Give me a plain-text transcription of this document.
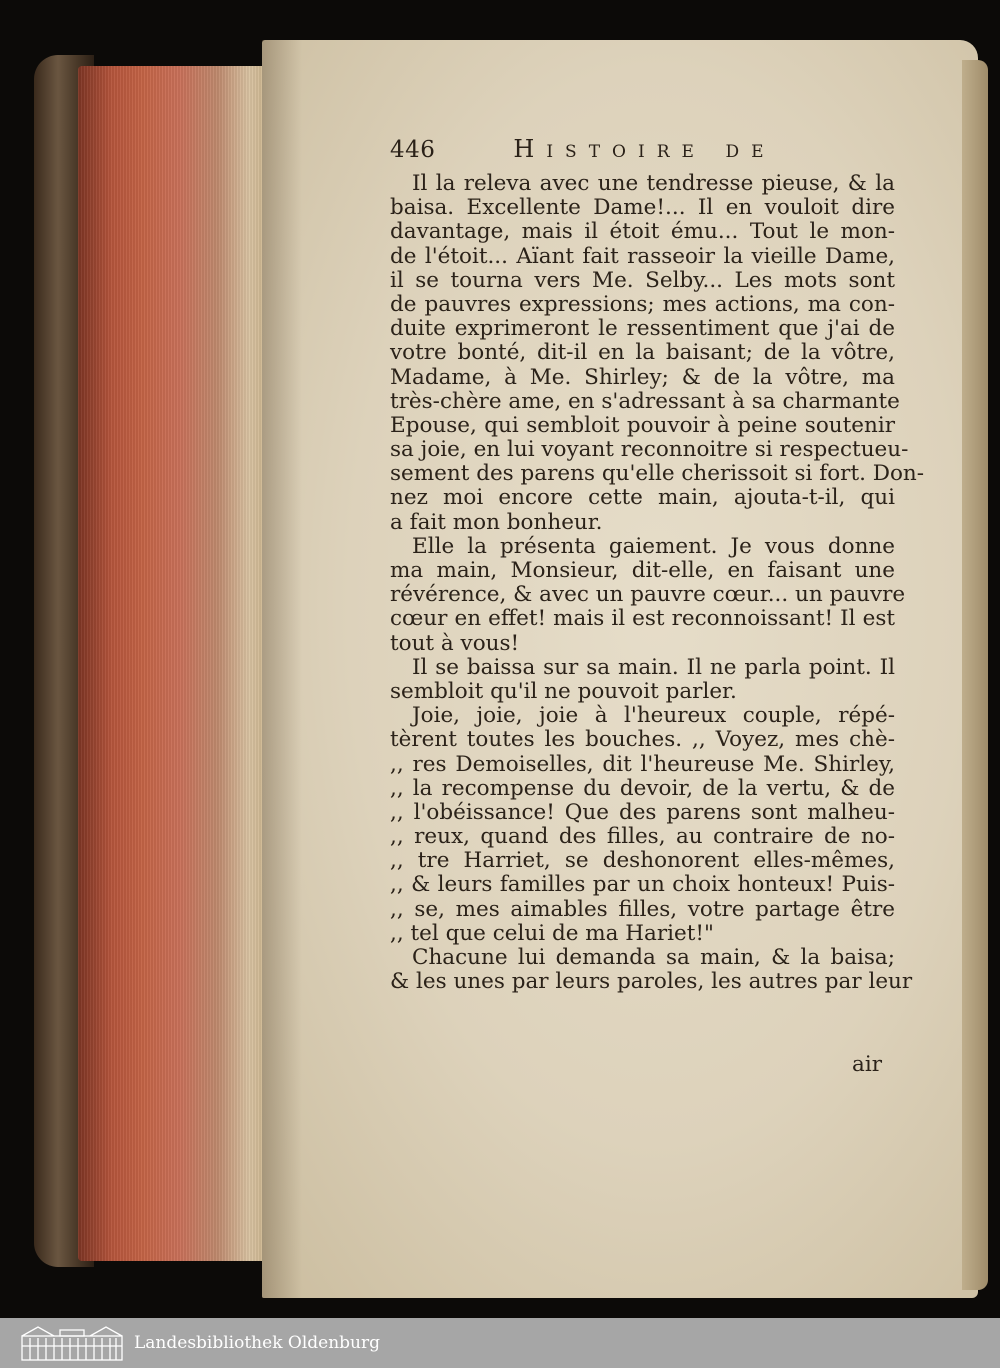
446	Histoire de
Il la releva avec une tendresse pieuse, & la
baisa. Excellente Dame!... Il en vouloit dire
davantage, mais il étoit ému... Tout le mon-
de l'étoit... Aïant fait rasseoir la vieille Dame,
il se tourna vers Me. Selby... Les mots sont
de pauvres expressions; mes actions, ma con-
duite exprimeront le ressentiment que j'ai de
votre bonté, dit-il en la baisant; de la vôtre,
Madame, à Me. Shirley; & de la vôtre, ma
très-chère ame, en s'adressant à sa charmante
Epouse, qui sembloit pouvoir à peine soutenir
sa joie, en lui voyant reconnoitre si respectueu-
sement des parens qu'elle cherissoit si fort. Don-
nez moi encore cette main, ajouta-t-il, qui
a fait mon bonheur.
Elle la présenta gaiement. Je vous donne
ma main, Monsieur, dit-elle, en faisant une
révérence, & avec un pauvre cœur... un pauvre
cœur en effet! mais il est reconnoissant! Il est
tout à vous!
Il se baissa sur sa main. Il ne parla point. Il
sembloit qu'il ne pouvoit parler.
Joie, joie, joie à l'heureux couple, répé-
tèrent toutes les bouches. ,, Voyez, mes chè-
,, res Demoiselles, dit l'heureuse Me. Shirley,
,, la recompense du devoir, de la vertu, & de
,, l'obéissance! Que des parens sont malheu-
,, reux, quand des filles, au contraire de no-
,, tre Harriet, se deshonorent elles-mêmes,
,, & leurs familles par un choix honteux! Puis-
,, se, mes aimables filles, votre partage être
,, tel que celui de ma Hariet!"
Chacune lui demanda sa main, & la baisa;
& les unes par leurs paroles, les autres par leur
air
Landesbibliothek Oldenburg
